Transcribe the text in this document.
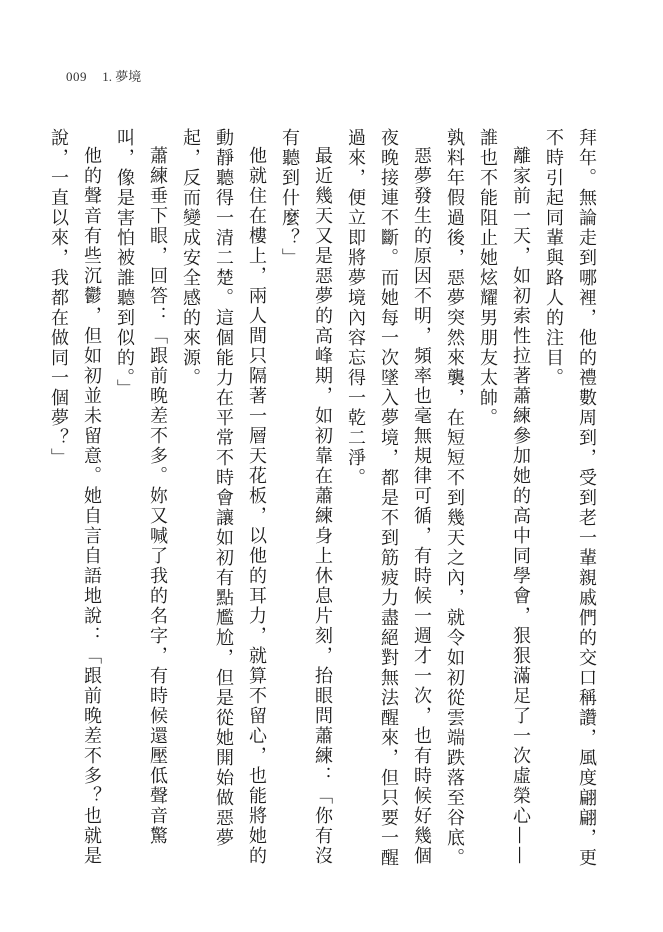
009 1. 夢境

拜年。無論走到哪裡，他的禮數周到，受到老一輩親戚們的交口稱讚，風度翩翩，更不時引起同輩與路人的注目。

離家前一天，如初索性拉著蕭練參加她的高中同學會，狠狠滿足了一次虛榮心——誰也不能阻止她炫耀男朋友太帥。

孰料年假過後，惡夢突然來襲，在短短不到幾天之內，就令如初從雲端跌落至谷底。

惡夢發生的原因不明，頻率也毫無規律可循，有時候一週才一次，也有時候好幾個夜晚接連不斷。而她每一次墜入夢境，都是不到筋疲力盡絕對無法醒來，但只要一醒過來，便立即將夢境內容忘得一乾二淨。

最近幾天又是惡夢的高峰期，如初靠在蕭練身上休息片刻，抬眼問蕭練：「你有沒有聽到什麼？」

他就住在樓上，兩人間只隔著一層天花板，以他的耳力，就算不留心，也能將她的動靜聽得一清二楚。這個能力在平常不時會讓如初有點尷尬，但是從她開始做惡夢起，反而變成安全感的來源。

蕭練垂下眼，回答：「跟前晚差不多。妳又喊了我的名字，有時候還壓低聲音驚叫，像是害怕被誰聽到似的。」

他的聲音有些沉鬱，但如初並未留意。她自言自語地說：「跟前晚差不多？也就是說，一直以來，我都在做同一個夢？」
